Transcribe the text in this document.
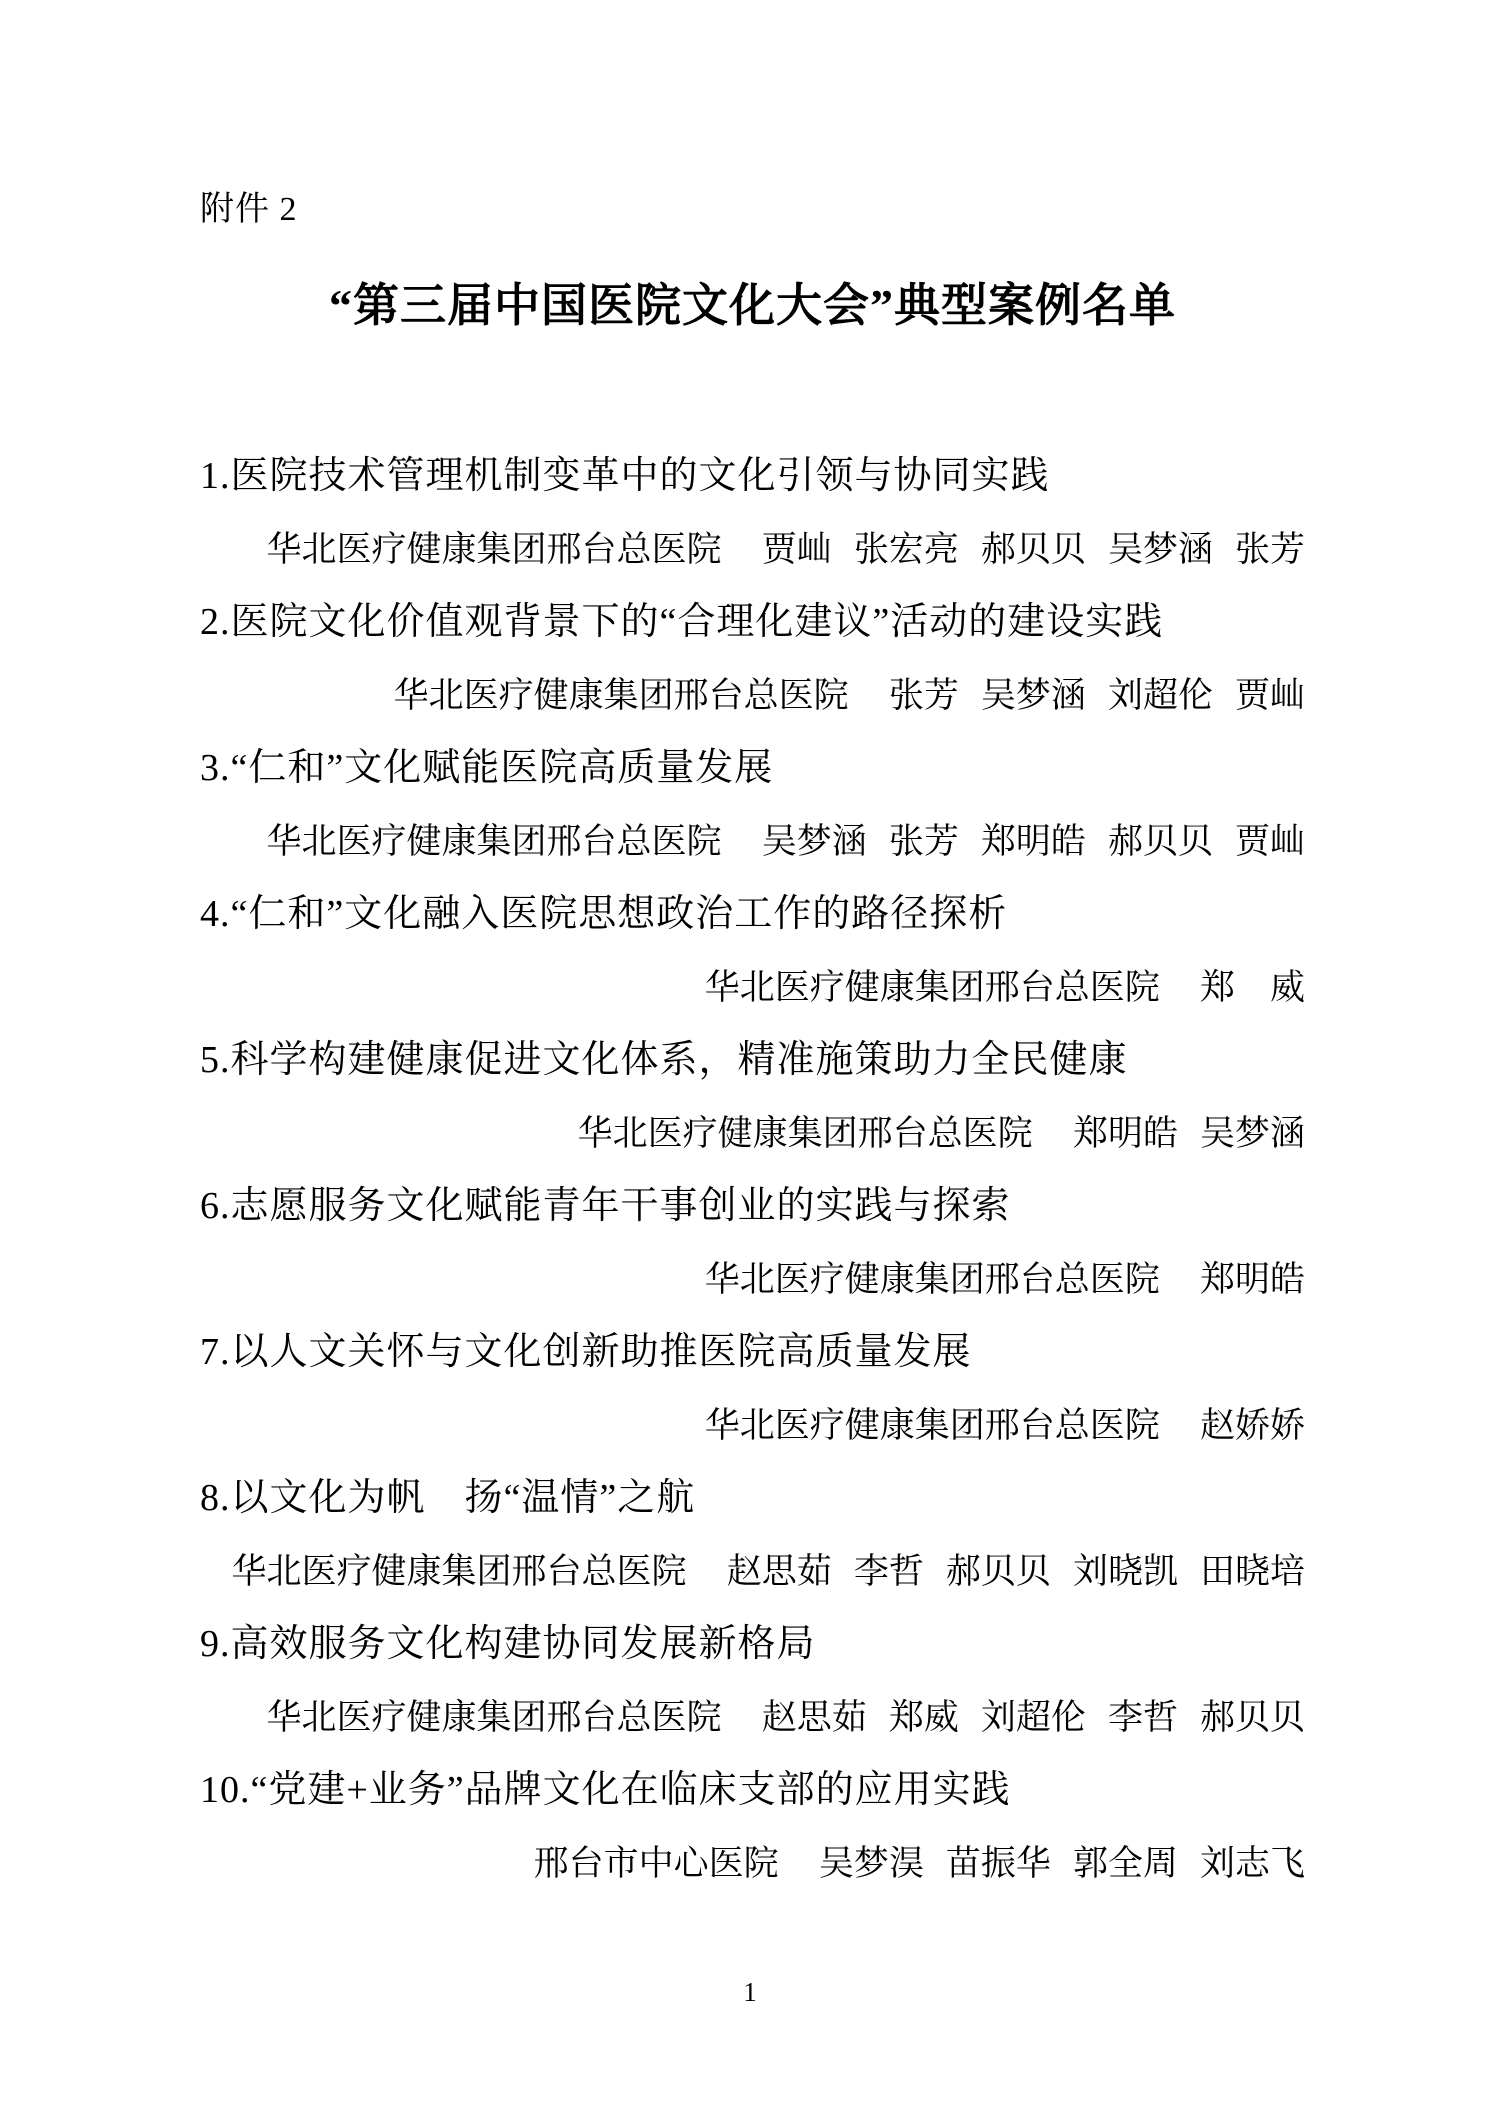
附件 2
“第三届中国医院文化大会”典型案例名单
1.医院技术管理机制变革中的文化引领与协同实践
华北医疗健康集团邢台总医院 贾屾 张宏亮 郝贝贝 吴梦涵 张芳
2.医院文化价值观背景下的“合理化建议”活动的建设实践
华北医疗健康集团邢台总医院 张芳 吴梦涵 刘超伦 贾屾
3.“仁和”文化赋能医院高质量发展
华北医疗健康集团邢台总医院 吴梦涵 张芳 郑明皓 郝贝贝 贾屾
4.“仁和”文化融入医院思想政治工作的路径探析
华北医疗健康集团邢台总医院 郑　威
5.科学构建健康促进文化体系，精准施策助力全民健康
华北医疗健康集团邢台总医院 郑明皓 吴梦涵
6.志愿服务文化赋能青年干事创业的实践与探索
华北医疗健康集团邢台总医院 郑明皓
7.以人文关怀与文化创新助推医院高质量发展
华北医疗健康集团邢台总医院 赵娇娇
8.以文化为帆　扬“温情”之航
华北医疗健康集团邢台总医院 赵思茹 李哲 郝贝贝 刘晓凯 田晓培
9.高效服务文化构建协同发展新格局
华北医疗健康集团邢台总医院 赵思茹 郑威 刘超伦 李哲 郝贝贝
10.“党建+业务”品牌文化在临床支部的应用实践
邢台市中心医院 吴梦淏 苗振华 郭全周 刘志飞
1
